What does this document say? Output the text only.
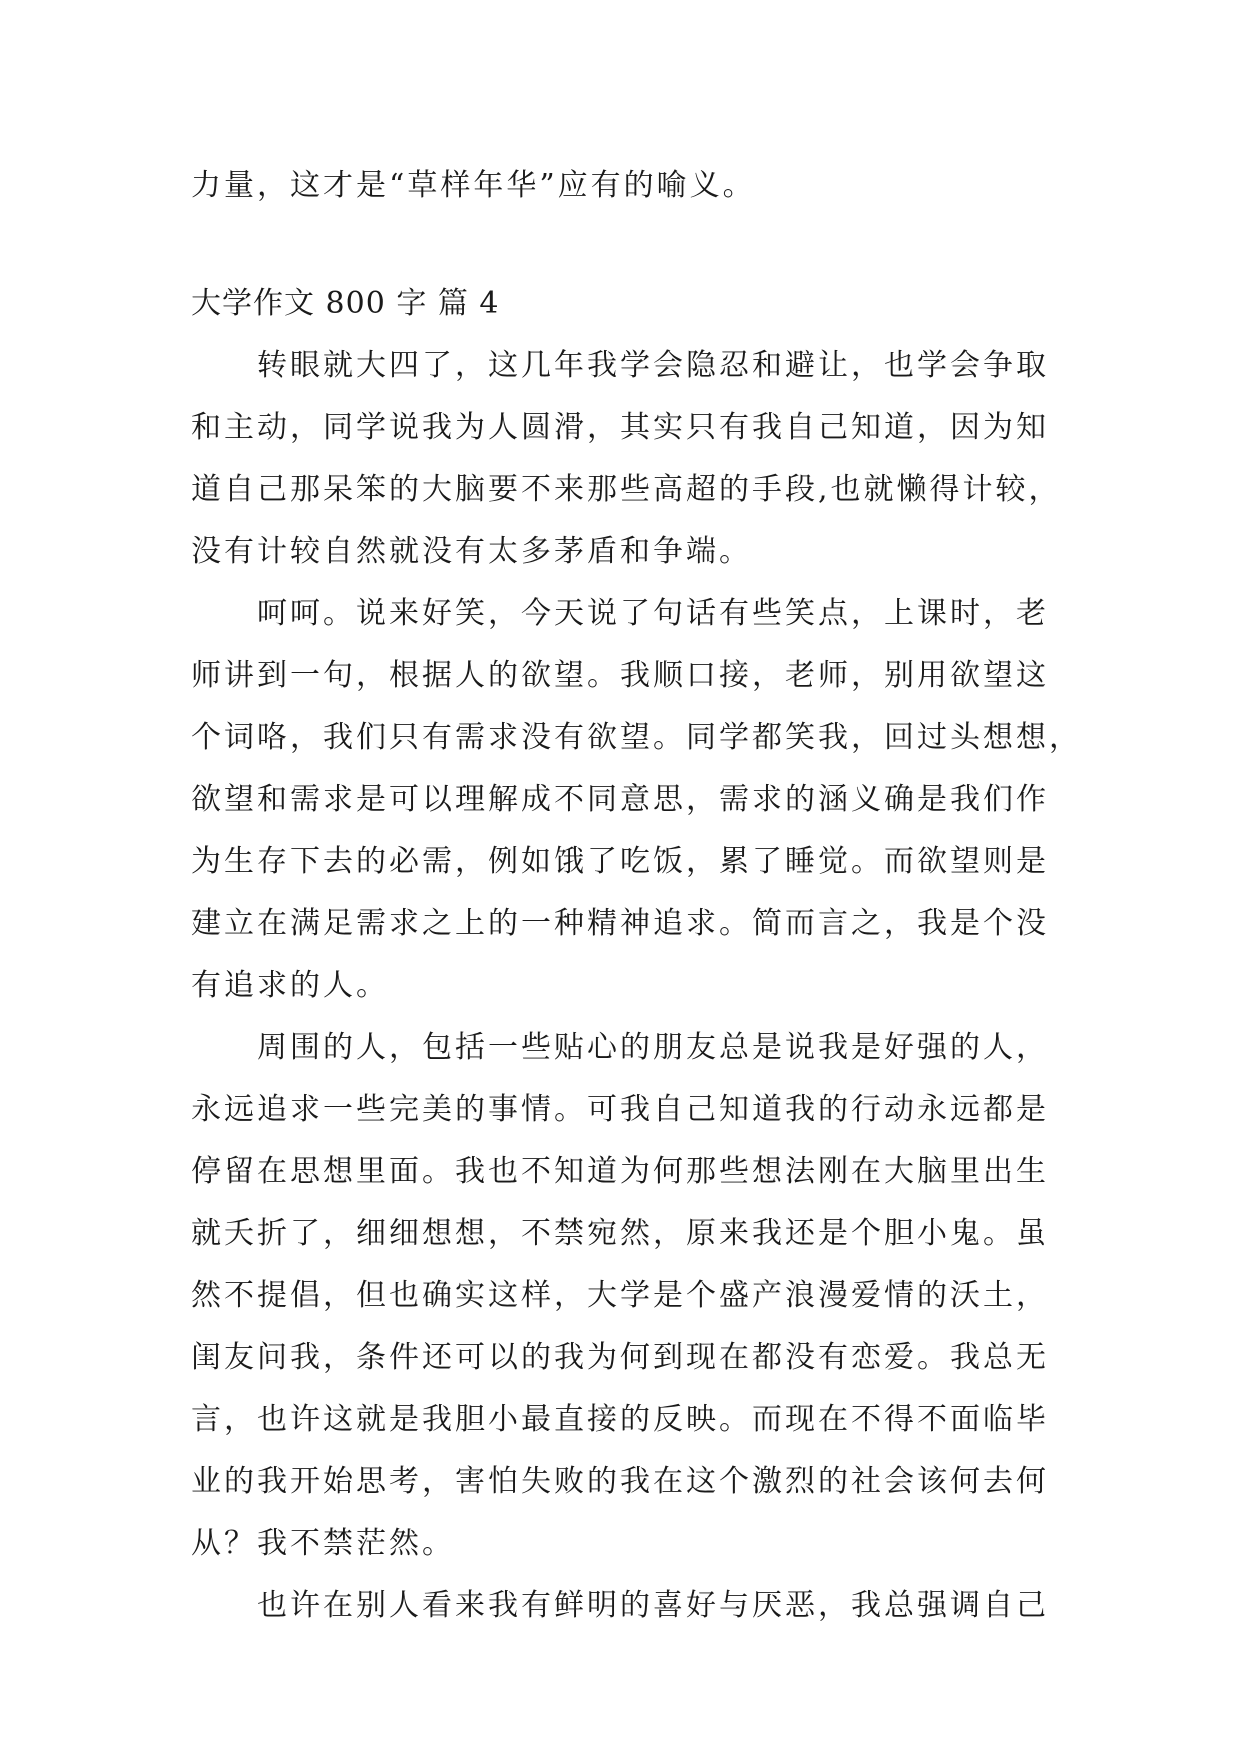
力量，这才是“草样年华”应有的喻义。

大学作文 800 字 篇 4

转眼就大四了，这几年我学会隐忍和避让，也学会争取
和主动，同学说我为人圆滑，其实只有我自己知道，因为知
道自己那呆笨的大脑要不来那些高超的手段,也就懒得计较，
没有计较自然就没有太多茅盾和争端。

呵呵。说来好笑，今天说了句话有些笑点，上课时，老
师讲到一句，根据人的欲望。我顺口接，老师，别用欲望这
个词咯，我们只有需求没有欲望。同学都笑我，回过头想想，
欲望和需求是可以理解成不同意思，需求的涵义确是我们作
为生存下去的必需，例如饿了吃饭，累了睡觉。而欲望则是
建立在满足需求之上的一种精神追求。简而言之，我是个没
有追求的人。

周围的人，包括一些贴心的朋友总是说我是好强的人，
永远追求一些完美的事情。可我自己知道我的行动永远都是
停留在思想里面。我也不知道为何那些想法刚在大脑里出生
就夭折了，细细想想，不禁宛然，原来我还是个胆小鬼。虽
然不提倡，但也确实这样，大学是个盛产浪漫爱情的沃土，
闺友问我，条件还可以的我为何到现在都没有恋爱。我总无
言，也许这就是我胆小最直接的反映。而现在不得不面临毕
业的我开始思考，害怕失败的我在这个激烈的社会该何去何
从？我不禁茫然。

也许在别人看来我有鲜明的喜好与厌恶，我总强调自己
